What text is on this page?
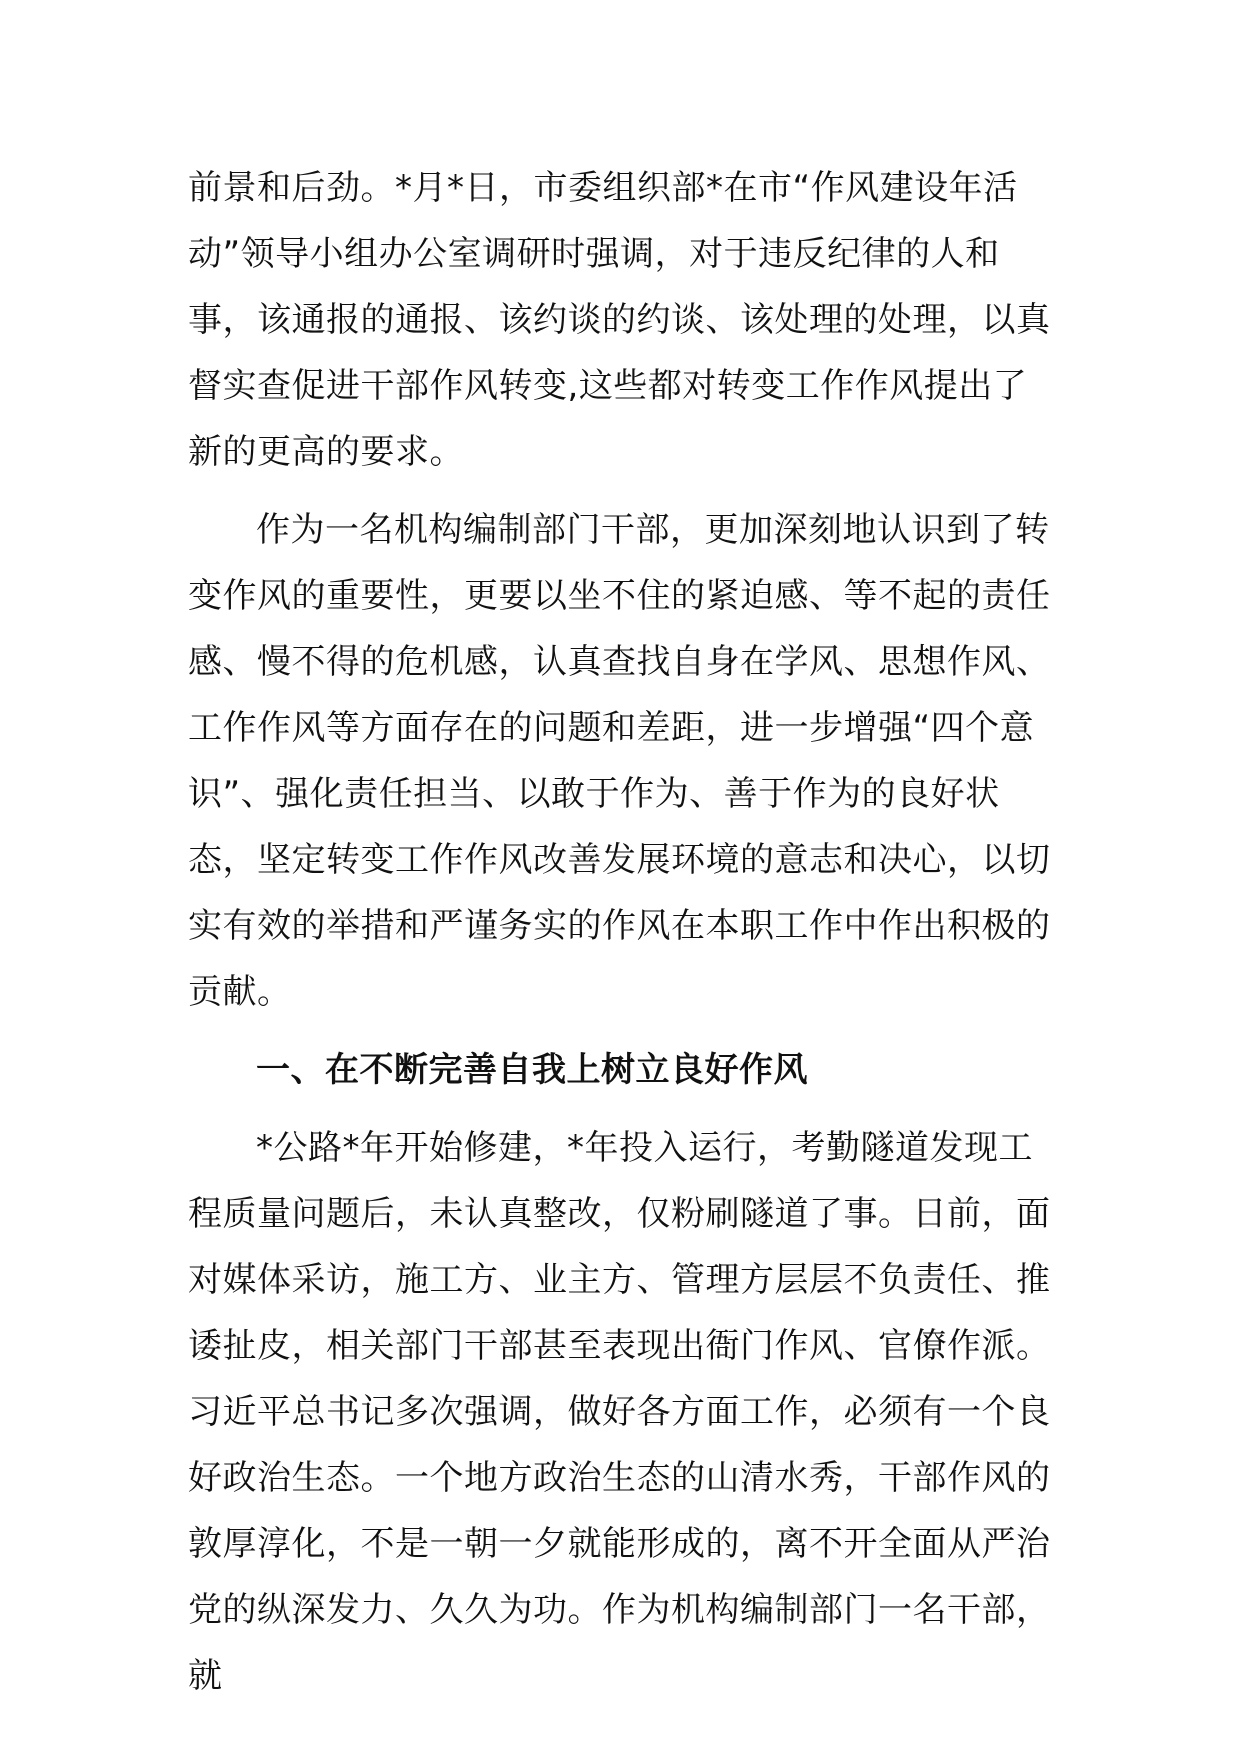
前景和后劲。*月*日，市委组织部*在市“作风建设年活动”领导小组办公室调研时强调，对于违反纪律的人和事，该通报的通报、该约谈的约谈、该处理的处理，以真督实查促进干部作风转变,这些都对转变工作作风提出了新的更高的要求。

作为一名机构编制部门干部，更加深刻地认识到了转变作风的重要性，更要以坐不住的紧迫感、等不起的责任感、慢不得的危机感，认真查找自身在学风、思想作风、工作作风等方面存在的问题和差距，进一步增强“四个意识”、强化责任担当、以敢于作为、善于作为的良好状态，坚定转变工作作风改善发展环境的意志和决心，以切实有效的举措和严谨务实的作风在本职工作中作出积极的贡献。

一、在不断完善自我上树立良好作风

*公路*年开始修建，*年投入运行，考勤隧道发现工程质量问题后，未认真整改，仅粉刷隧道了事。日前，面对媒体采访，施工方、业主方、管理方层层不负责任、推诿扯皮，相关部门干部甚至表现出衙门作风、官僚作派。习近平总书记多次强调，做好各方面工作，必须有一个良好政治生态。一个地方政治生态的山清水秀，干部作风的敦厚淳化，不是一朝一夕就能形成的，离不开全面从严治党的纵深发力、久久为功。作为机构编制部门一名干部，就
